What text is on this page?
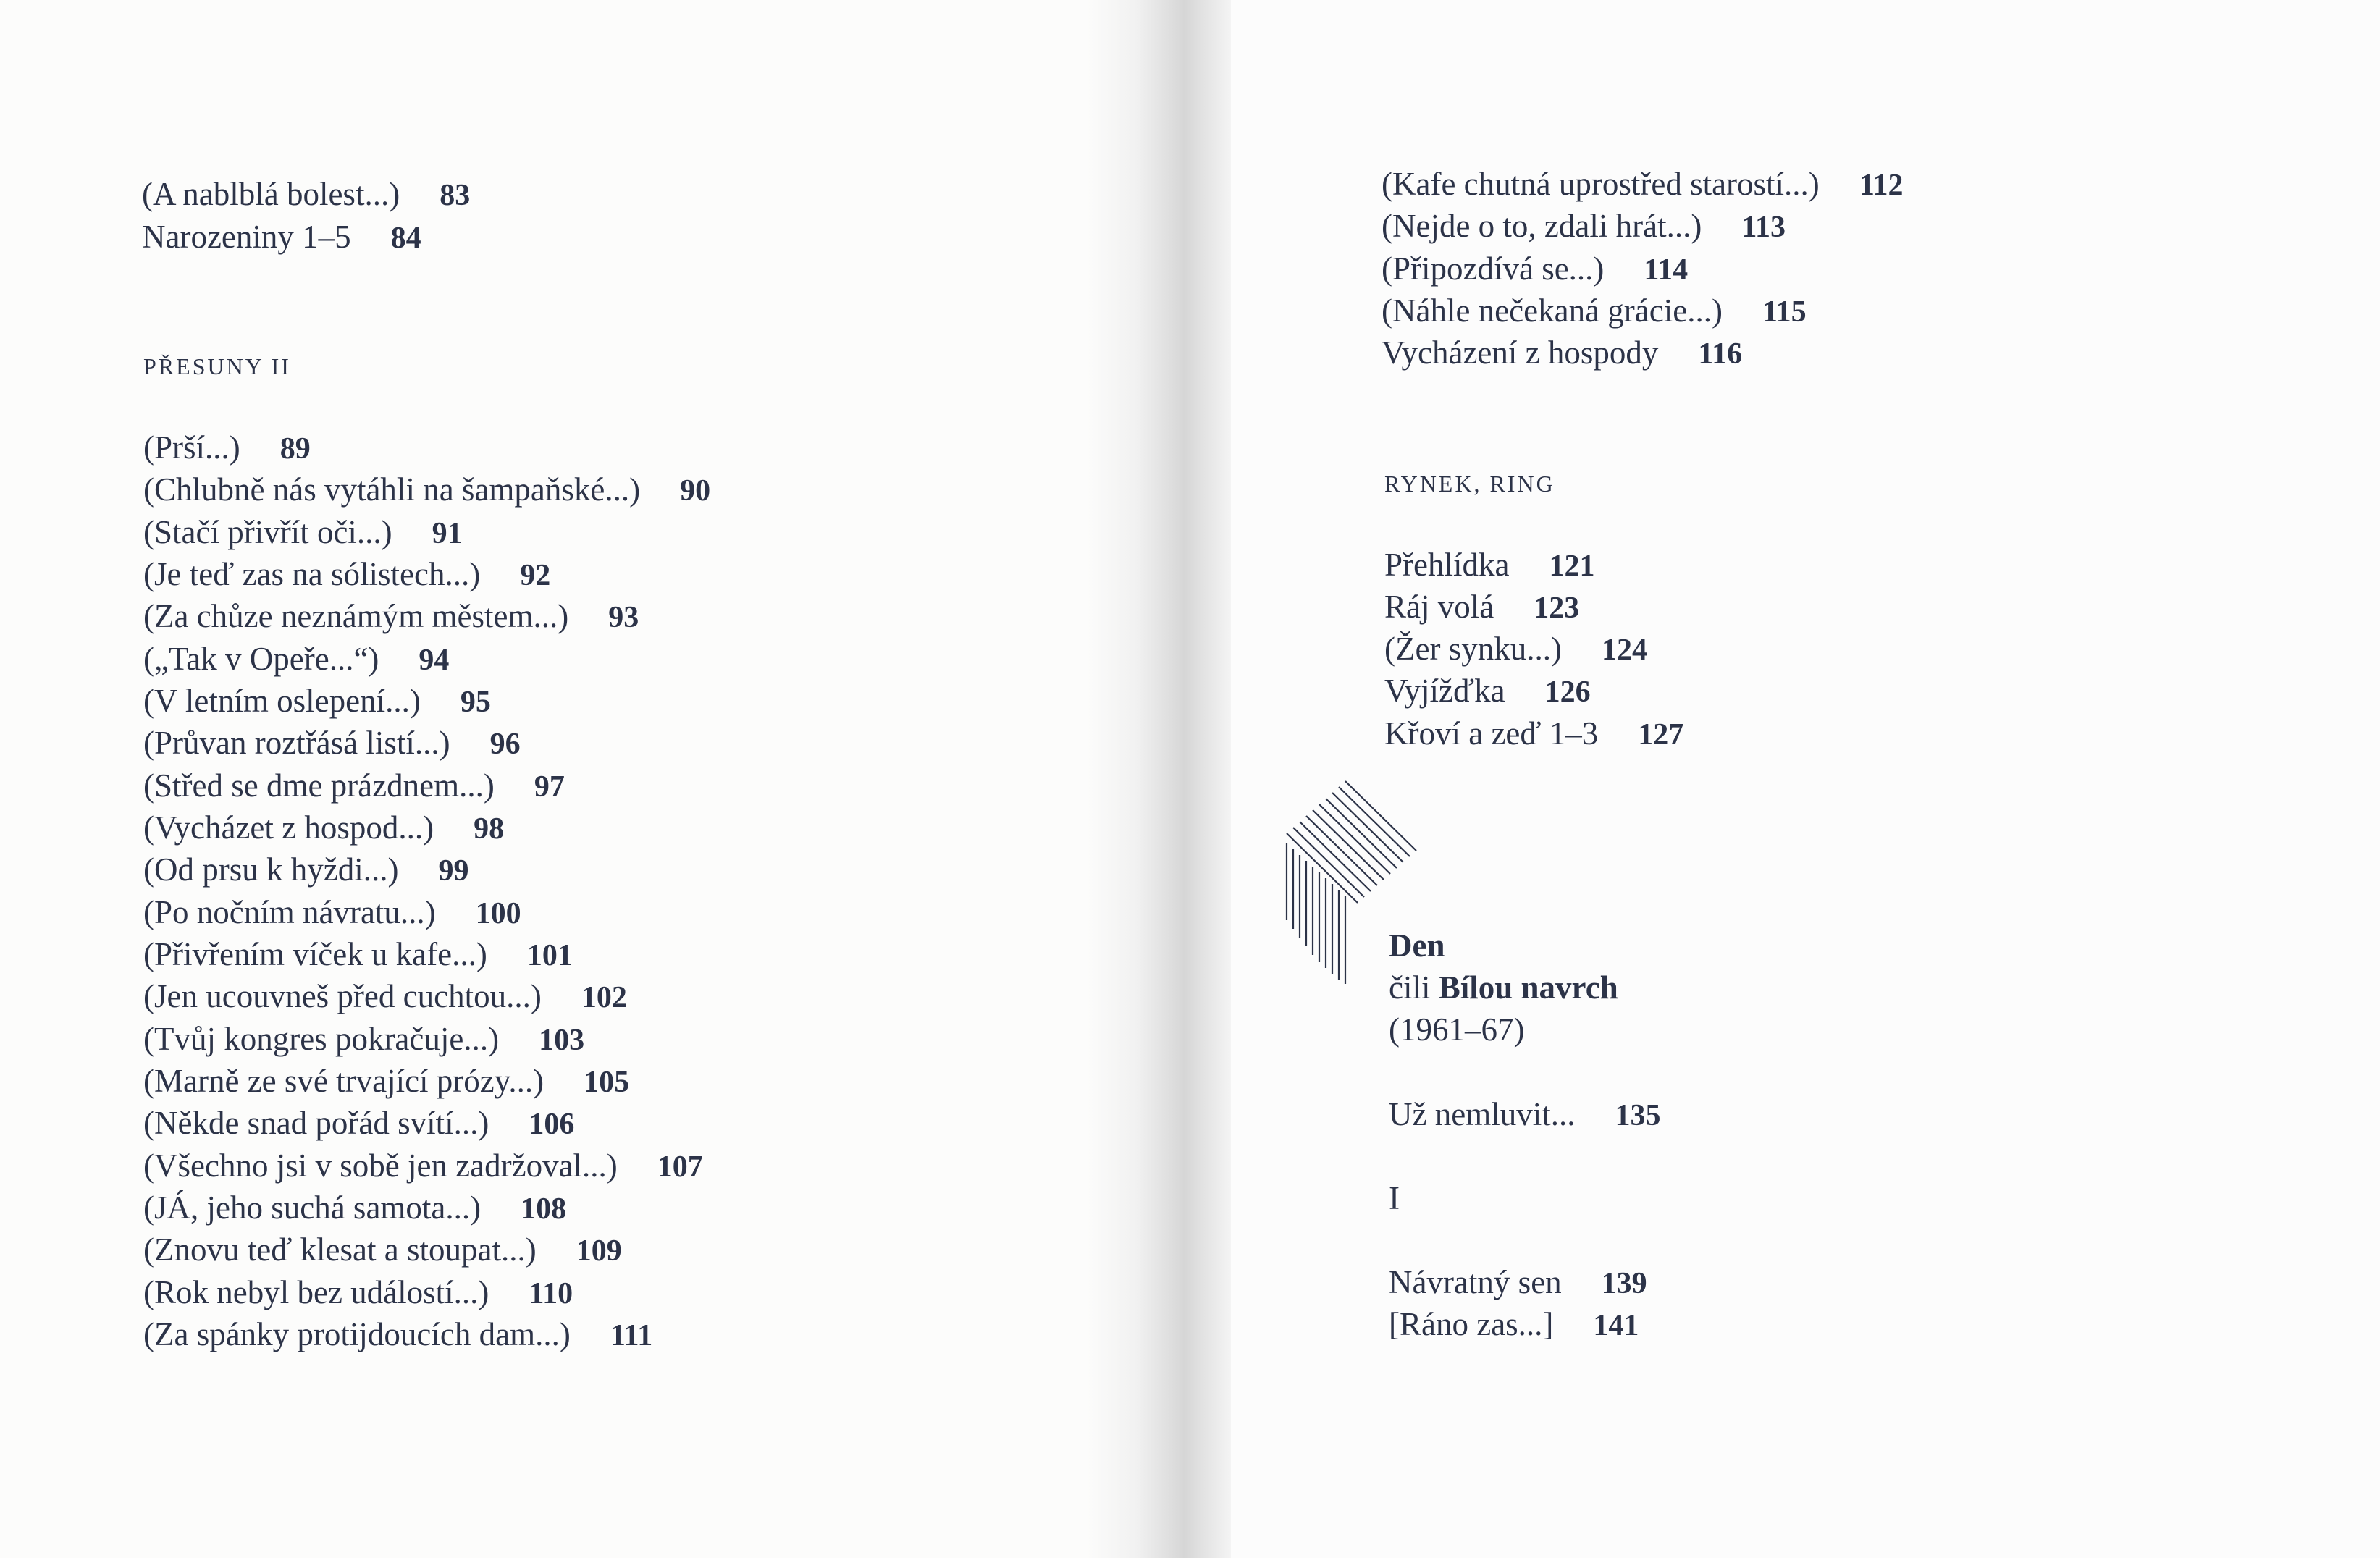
(A nablblá bolest...) 83
Narozeniny 1–5 84
PŘESUNY II
(Prší...) 89
(Chlubně nás vytáhli na šampaňské...) 90
(Stačí přivřít oči...) 91
(Je teď zas na sólistech...) 92
(Za chůze neznámým městem...) 93
(„Tak v Opeře...“) 94
(V letním oslepení...) 95
(Průvan roztřásá listí...) 96
(Střed se dme prázdnem...) 97
(Vycházet z hospod...) 98
(Od prsu k hyždi...) 99
(Po nočním návratu...) 100
(Přivřením víček u kafe...) 101
(Jen ucouvneš před cuchtou...) 102
(Tvůj kongres pokračuje...) 103
(Marně ze své trvající prózy...) 105
(Někde snad pořád svítí...) 106
(Všechno jsi v sobě jen zadržoval...) 107
(JÁ, jeho suchá samota...) 108
(Znovu teď klesat a stoupat...) 109
(Rok nebyl bez událostí...) 110
(Za spánky protijdoucích dam...) 111
(Kafe chutná uprostřed starostí...) 112
(Nejde o to, zdali hrát...) 113
(Připozdívá se...) 114
(Náhle nečekaná grácie...) 115
Vycházení z hospody 116
RYNEK, RING
Přehlídka 121
Ráj volá 123
(Žer synku...) 124
Vyjížďka 126
Křoví a zeď 1–3 127
Den
čili Bílou navrch
(1961–67)
Už nemluvit... 135
I
Návratný sen 139
[Ráno zas...] 141
